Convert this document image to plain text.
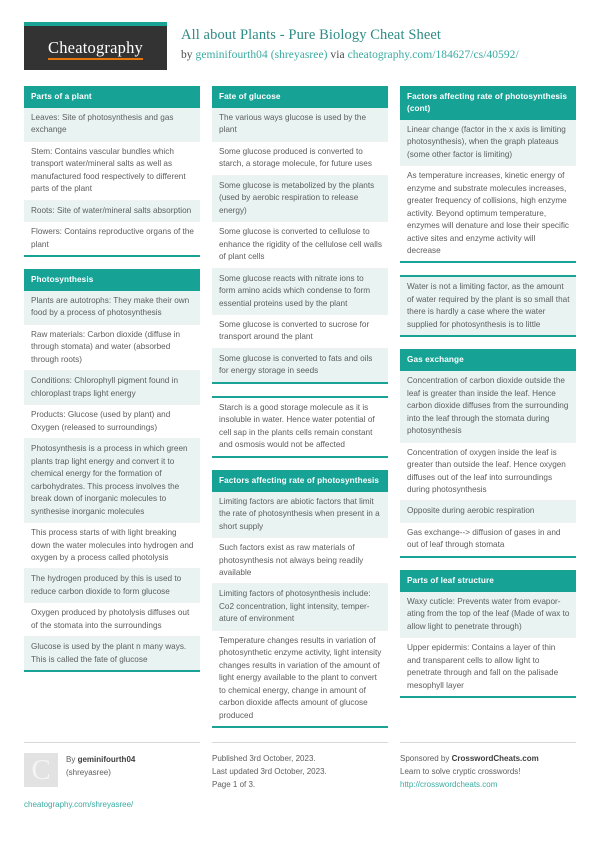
Cheatography
All about Plants - Pure Biology Cheat Sheet
by geminifourth04 (shreyasree) via cheatography.com/184627/cs/40592/
Parts of a plant
Leaves: Site of photosynthesis and gas exchange
Stem: Contains vascular bundles which transport water/mineral salts as well as manufactured food respectively to different parts of the plant
Roots: Site of water/mineral salts absorption
Flowers: Contains reproductive organs of the plant
Photosynthesis
Plants are autotrophs: They make their own food by a process of photosynthesis
Raw materials: Carbon dioxide (diffuse in through stomata) and water (absorbed through roots)
Conditions: Chlorophyll pigment found in chloroplast traps light energy
Products: Glucose (used by plant) and Oxygen (released to surroundings)
Photosynthesis is a process in which green plants trap light energy and convert it to chemical energy for the formation of carbohydrates. This process involves the break down of inorganic molecules to synthesise inorganic molecules
This process starts of with light breaking down the water molecules into hydrogen and oxygen by a process called photolysis
The hydrogen produced by this is used to reduce carbon dioxide to form glucose
Oxygen produced by photolysis diffuses out of the stomata into the surroundings
Glucose is used by the plant n many ways. This is called the fate of glucose
Fate of glucose
The various ways glucose is used by the plant
Some glucose produced is converted to starch, a storage molecule, for future uses
Some glucose is metabolized by the plants (used by aerobic respiration to release energy)
Some glucose is converted to cellulose to enhance the rigidity of the cellulose cell walls of plant cells
Some glucose reacts with nitrate ions to form amino acids which condense to form essential proteins used by the plant
Some glucose is converted to sucrose for transport around the plant
Some glucose is converted to fats and oils for energy storage in seeds
Starch is a good storage molecule as it is insoluble in water. Hence water potential of cell sap in the plants cells remain constant and osmosis would not be affected
Factors affecting rate of photosynthesis
Limiting factors are abiotic factors that limit the rate of photosynthesis when present in a short supply
Such factors exist as raw materials of photosynthesis not always being readily available
Limiting factors of photosynthesis include: Co2 concentration, light intensity, temperature of environment
Temperature changes results in variation of photosynthetic enzyme activity, light intensity changes results in variation of the amount of light energy available to the plant to convert to chemical energy, change in amount of carbon dioxide affects amount of glucose produced
Factors affecting rate of photosynthesis (cont)
Linear change (factor in the x axis is limiting photosynthesis), when the graph plateaus (some other factor is limiting)
As temperature increases, kinetic energy of enzyme and substrate molecules increases, greater frequency of collisions, high enzyme activity. Beyond optimum temperature, enzymes will denature and lose their specific active sites and enzyme activity will decrease
Water is not a limiting factor, as the amount of water required by the plant is so small that there is hardly a case where the water supplied for photosynthesis is to little
Gas exchange
Concentration of carbon dioxide outside the leaf is greater than inside the leaf. Hence carbon dioxide diffuses from the surrounding into the leaf through the stomata during photosynthesis
Concentration of oxygen inside the leaf is greater than outside the leaf. Hence oxygen diffuses out of the leaf into surroundings during photosynthesis
Opposite during aerobic respiration
Gas exchange--> diffusion of gases in and out of leaf through stomata
Parts of leaf structure
Waxy cuticle: Prevents water from evaporating from the top of the leaf (Made of wax to allow light to penetrate through)
Upper epidermis: Contains a layer of thin and transparent cells to allow light to penetrate through and fall on the palisade mesophyll layer
C	By geminifourth04
(shreyasree)
cheatography.com/shreyasree/
Published 3rd October, 2023.
Last updated 3rd October, 2023.
Page 1 of 3.
Sponsored by CrosswordCheats.com
Learn to solve cryptic crosswords!
http://crosswordcheats.com
